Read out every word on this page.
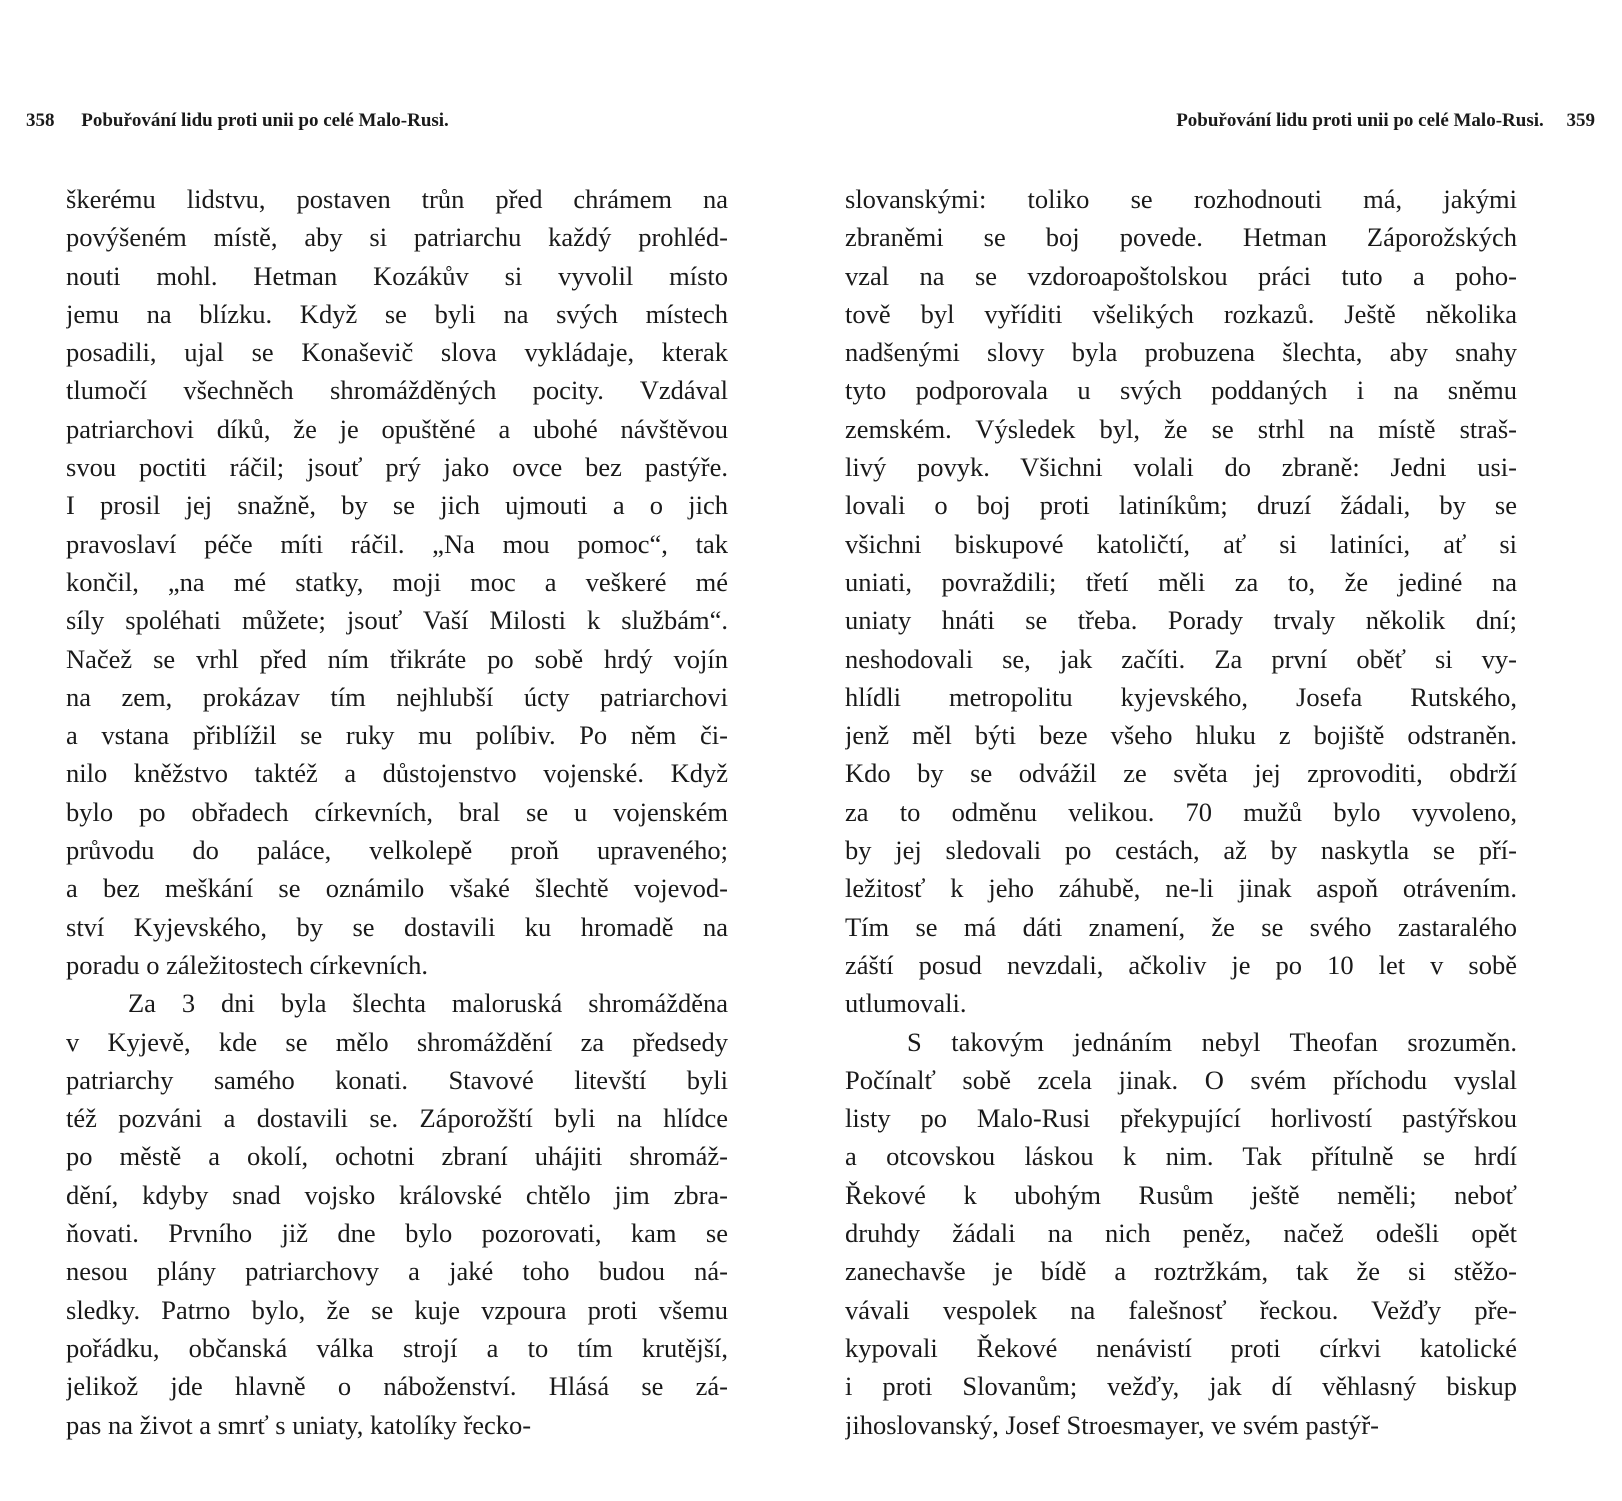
358 Pobuřování lidu proti unii po celé Malo-Rusi.
škerému lidstvu, postaven trůn před chrámem na
povýšeném místě, aby si patriarchu každý prohléd-
nouti mohl. Hetman Kozákův si vyvolil místo
jemu na blízku. Když se byli na svých místech
posadili, ujal se Konaševič slova vykládaje, kterak
tlumočí všechněch shromážděných pocity. Vzdával
patriarchovi díků, že je opuštěné a ubohé návštěvou
svou poctiti ráčil; jsouť prý jako ovce bez pastýře.
I prosil jej snažně, by se jich ujmouti a o jich
pravoslaví péče míti ráčil. „Na mou pomoc“, tak
končil, „na mé statky, moji moc a veškeré mé
síly spoléhati můžete; jsouť Vaší Milosti k službám“.
Načež se vrhl před ním třikráte po sobě hrdý vojín
na zem, prokázav tím nejhlubší úcty patriarchovi
a vstana přiblížil se ruky mu políbiv. Po něm či-
nilo kněžstvo taktéž a důstojenstvo vojenské. Když
bylo po obřadech církevních, bral se u vojenském
průvodu do paláce, velkolepě proň upraveného;
a bez meškání se oznámilo všaké šlechtě vojevod-
ství Kyjevského, by se dostavili ku hromadě na
poradu o záležitostech církevních.
Za 3 dni byla šlechta maloruská shromážděna
v Kyjevě, kde se mělo shromáždění za předsedy
patriarchy samého konati. Stavové litevští byli
též pozváni a dostavili se. Záporožští byli na hlídce
po městě a okolí, ochotni zbraní uhájiti shromáž-
dění, kdyby snad vojsko královské chtělo jim zbra-
ňovati. Prvního již dne bylo pozorovati, kam se
nesou plány patriarchovy a jaké toho budou ná-
sledky. Patrno bylo, že se kuje vzpoura proti všemu
pořádku, občanská válka strojí a to tím krutější,
jelikož jde hlavně o náboženství. Hlásá se zá-
pas na život a smrť s uniaty, katolíky řecko-
Pobuřování lidu proti unii po celé Malo-Rusi. 359
slovanskými: toliko se rozhodnouti má, jakými
zbraněmi se boj povede. Hetman Záporožských
vzal na se vzdoroapoštolskou práci tuto a poho-
tově byl vyříditi všelikých rozkazů. Ještě několika
nadšenými slovy byla probuzena šlechta, aby snahy
tyto podporovala u svých poddaných i na sněmu
zemském. Výsledek byl, že se strhl na místě straš-
livý povyk. Všichni volali do zbraně: Jedni usi-
lovali o boj proti latiníkům; druzí žádali, by se
všichni biskupové katoličtí, ať si latiníci, ať si
uniati, povraždili; třetí měli za to, že jediné na
uniaty hnáti se třeba. Porady trvaly několik dní;
neshodovali se, jak začíti. Za první oběť si vy-
hlídli metropolitu kyjevského, Josefa Rutského,
jenž měl býti beze všeho hluku z bojiště odstraněn.
Kdo by se odvážil ze světa jej zprovoditi, obdrží
za to odměnu velikou. 70 mužů bylo vyvoleno,
by jej sledovali po cestách, až by naskytla se pří-
ležitosť k jeho záhubě, ne-li jinak aspoň otrávením.
Tím se má dáti znamení, že se svého zastaralého
záští posud nevzdali, ačkoliv je po 10 let v sobě
utlumovali.
S takovým jednáním nebyl Theofan srozuměn.
Počínalť sobě zcela jinak. O svém příchodu vyslal
listy po Malo-Rusi překypující horlivostí pastýřskou
a otcovskou láskou k nim. Tak přítulně se hrdí
Řekové k ubohým Rusům ještě neměli; neboť
druhdy žádali na nich peněz, načež odešli opět
zanechavše je bídě a roztržkám, tak že si stěžo-
vávali vespolek na falešnosť řeckou. Vežďy pře-
kypovali Řekové nenávistí proti církvi katolické
i proti Slovanům; vežďy, jak dí věhlasný biskup
jihoslovanský, Josef Stroesmayer, ve svém pastýř-
